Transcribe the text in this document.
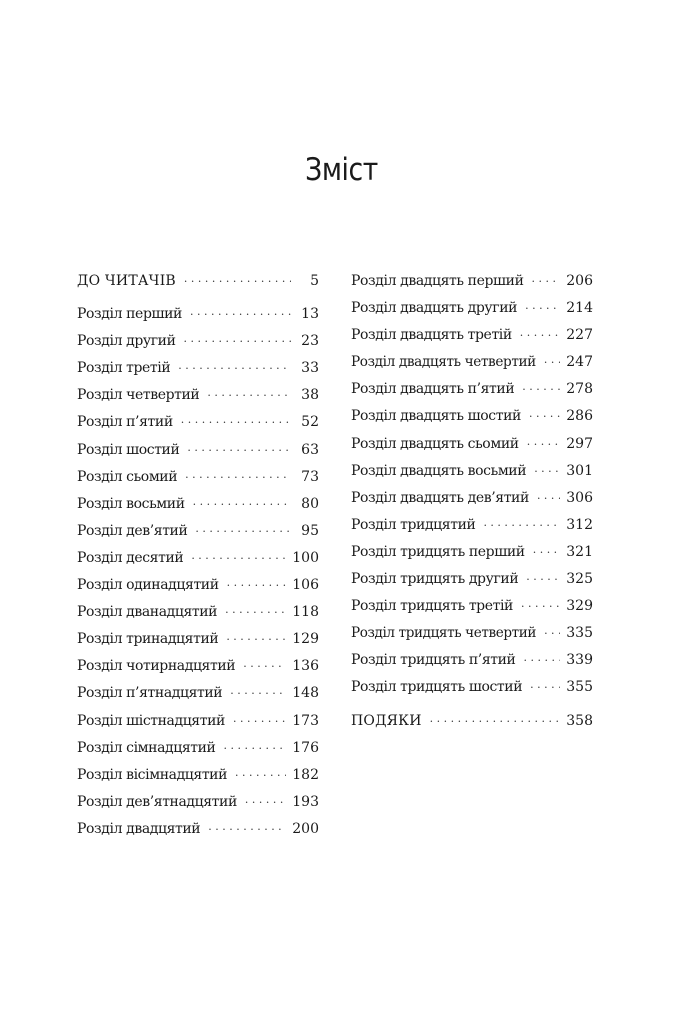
Зміст
ДО ЧИТАЧІВ · · ·	5
Розділ перший · · ·	13
Розділ другий · · ·	23
Розділ третій · · ·	33
Розділ четвертий · · ·	38
Розділ п’ятий · · ·	52
Розділ шостий · · ·	63
Розділ сьомий · · ·	73
Розділ восьмий · · ·	80
Розділ дев’ятий · · ·	95
Розділ десятий · · ·	100
Розділ одинадцятий · · ·	106
Розділ дванадцятий · · ·	118
Розділ тринадцятий · · ·	129
Розділ чотирнадцятий · · ·	136
Розділ п’ятнадцятий · · ·	148
Розділ шістнадцятий · · ·	173
Розділ сімнадцятий · · ·	176
Розділ вісімнадцятий · · ·	182
Розділ дев’ятнадцятий · · ·	193
Розділ двадцятий · · ·	200
Розділ двадцять перший · · ·	206
Розділ двадцять другий · · ·	214
Розділ двадцять третій · · ·	227
Розділ двадцять четвертий · · · 247
Розділ двадцять п’ятий · · ·	278
Розділ двадцять шостий · · ·	286
Розділ двадцять сьомий · · ·	297
Розділ двадцять восьмий · · ·	301
Розділ двадцять дев’ятий · · ·	306
Розділ тридцятий · · ·	312
Розділ тридцять перший · · ·	321
Розділ тридцять другий · · ·	325
Розділ тридцять третій · · ·	329
Розділ тридцять четвертий · · · 335
Розділ тридцять п’ятий · · ·	339
Розділ тридцять шостий · · ·	355
ПОДЯКИ · · ·	358
